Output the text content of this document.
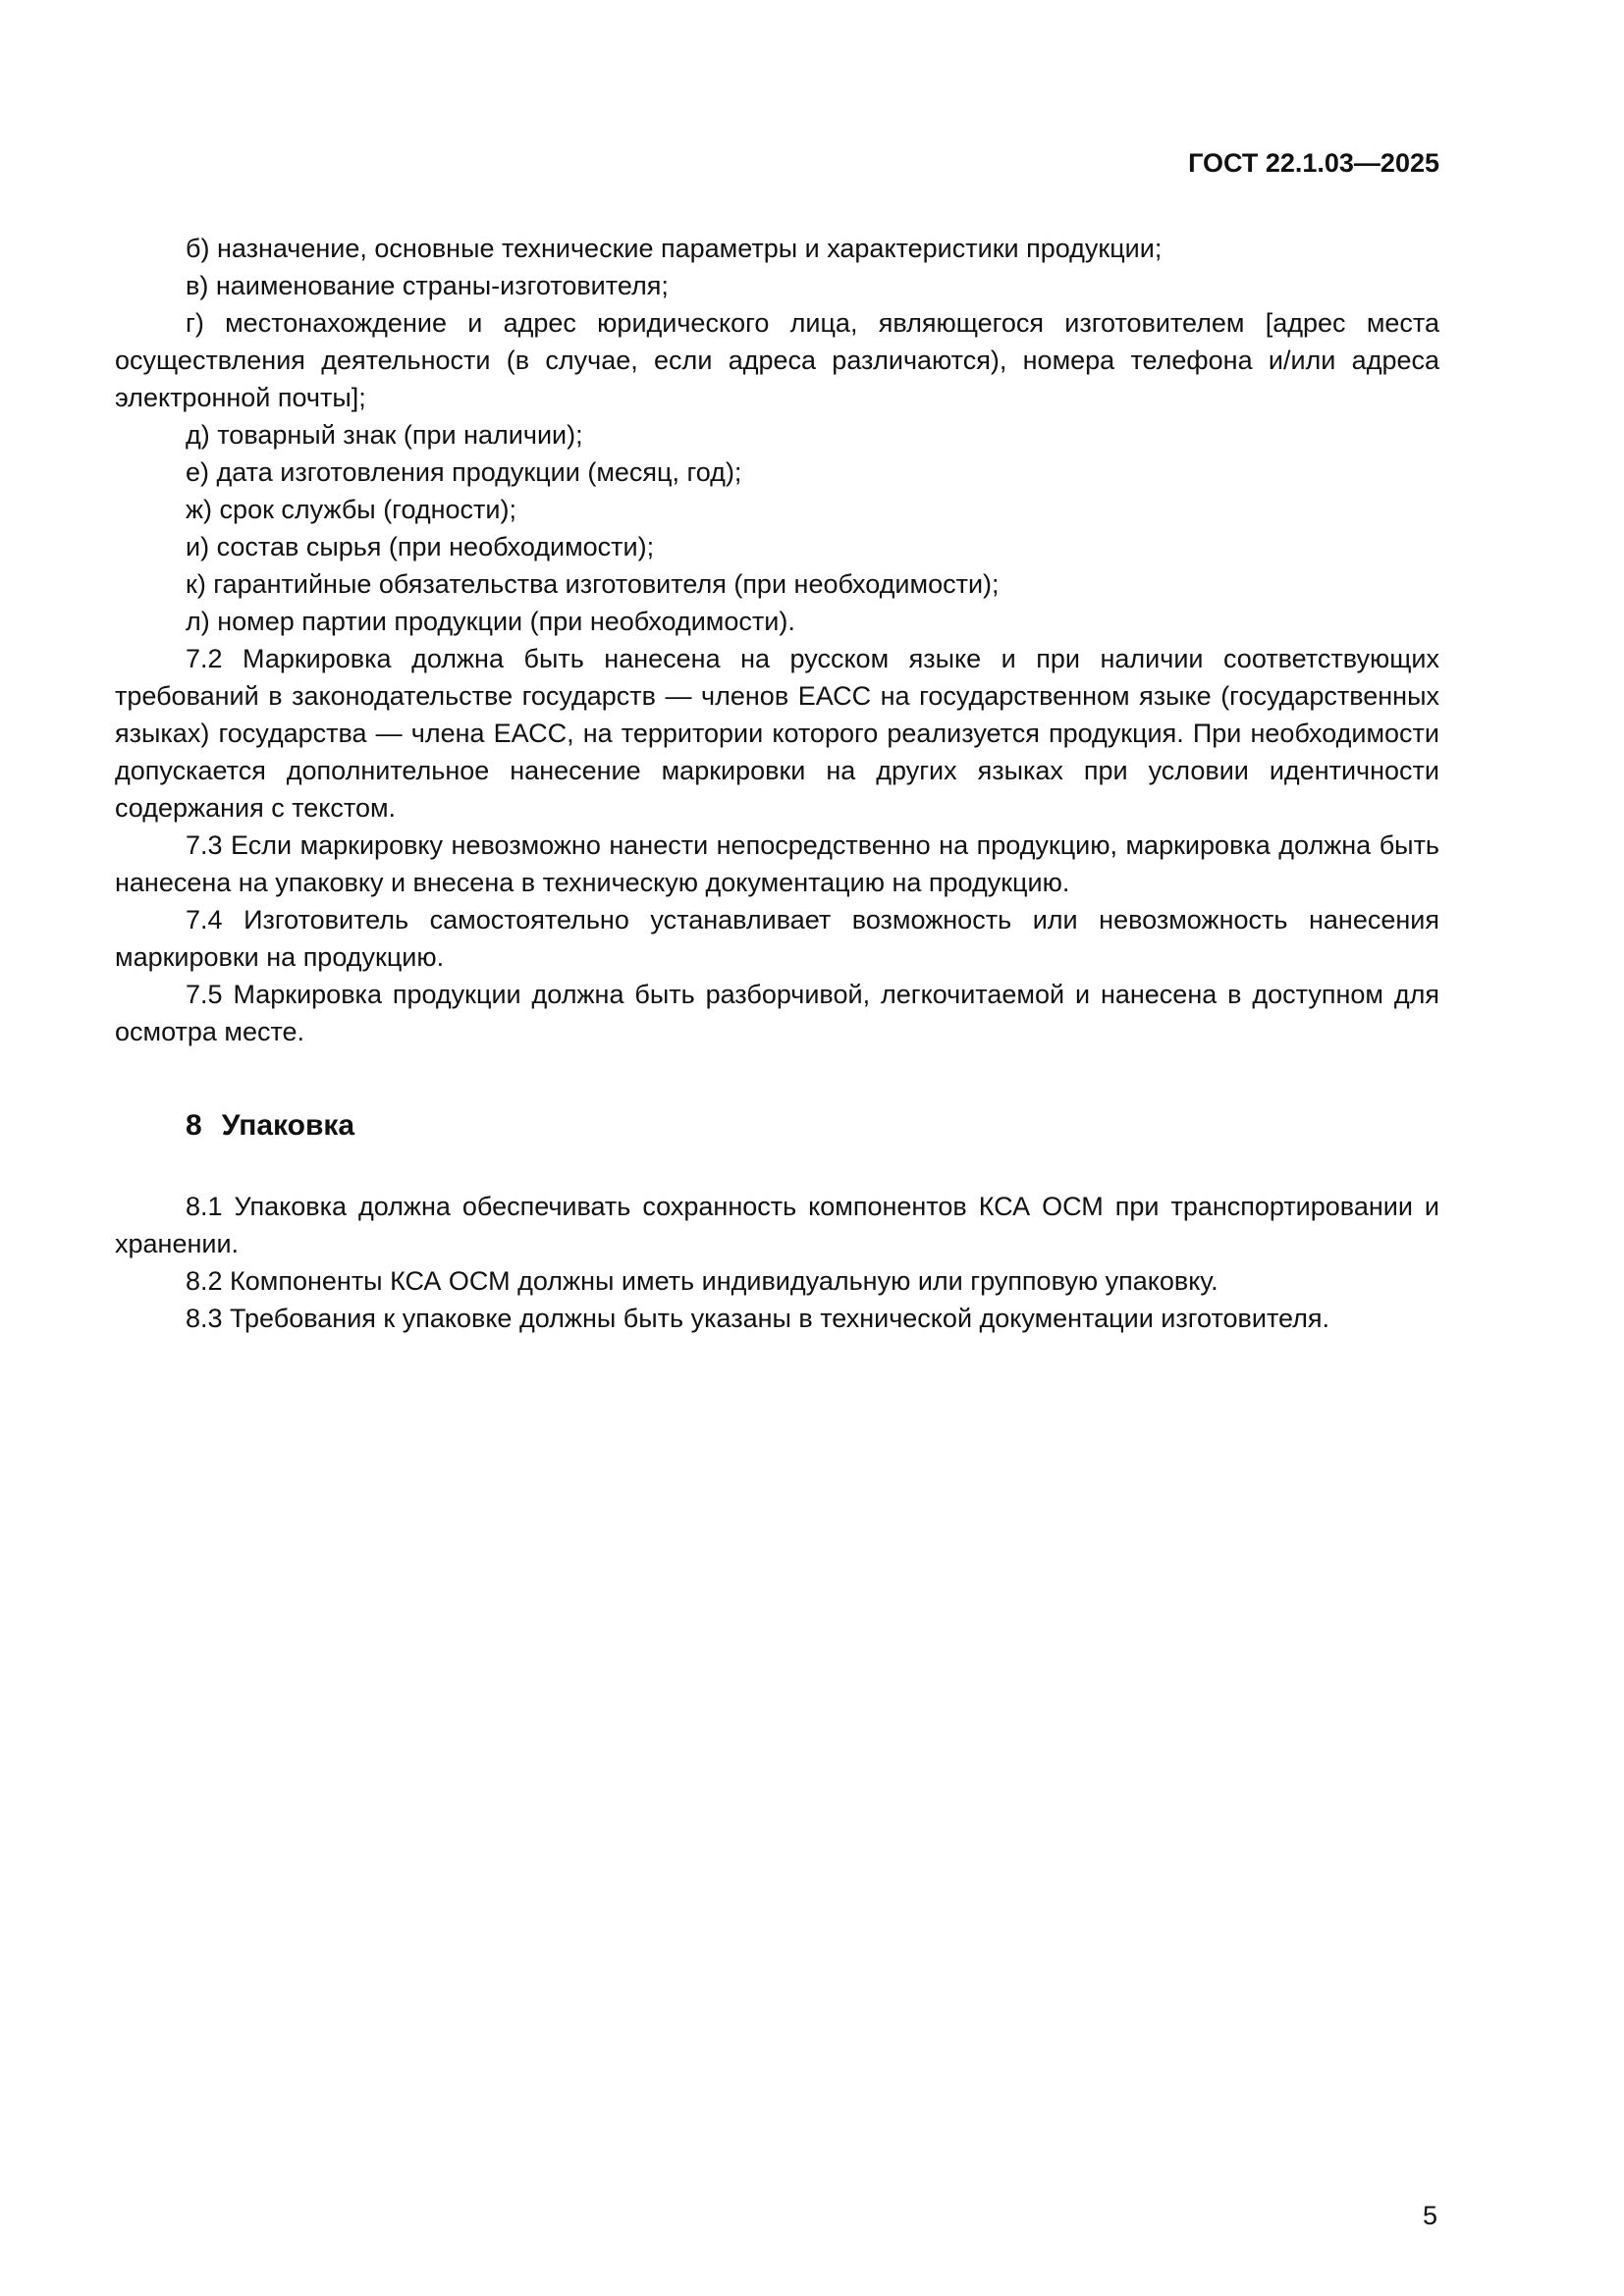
ГОСТ 22.1.03—2025

б) назначение, основные технические параметры и характеристики продукции;

в) наименование страны-изготовителя;

г) местонахождение и адрес юридического лица, являющегося изготовителем [адрес места осуществления деятельности (в случае, если адреса различаются), номера телефона и/или адреса электронной почты];

д) товарный знак (при наличии);

е) дата изготовления продукции (месяц, год);

ж) срок службы (годности);

и) состав сырья (при необходимости);

к) гарантийные обязательства изготовителя (при необходимости);

л) номер партии продукции (при необходимости).

7.2 Маркировка должна быть нанесена на русском языке и при наличии соответствующих требований в законодательстве государств — членов ЕАСС на государственном языке (государственных языках) государства — члена ЕАСС, на территории которого реализуется продукция. При необходимости допускается дополнительное нанесение маркировки на других языках при условии идентичности содержания с текстом.

7.3 Если маркировку невозможно нанести непосредственно на продукцию, маркировка должна быть нанесена на упаковку и внесена в техническую документацию на продукцию.

7.4 Изготовитель самостоятельно устанавливает возможность или невозможность нанесения маркировки на продукцию.

7.5 Маркировка продукции должна быть разборчивой, легкочитаемой и нанесена в доступном для осмотра месте.

8 Упаковка

8.1 Упаковка должна обеспечивать сохранность компонентов КСА ОСМ при транспортировании и хранении.

8.2 Компоненты КСА ОСМ должны иметь индивидуальную или групповую упаковку.

8.3 Требования к упаковке должны быть указаны в технической документации изготовителя.

5
